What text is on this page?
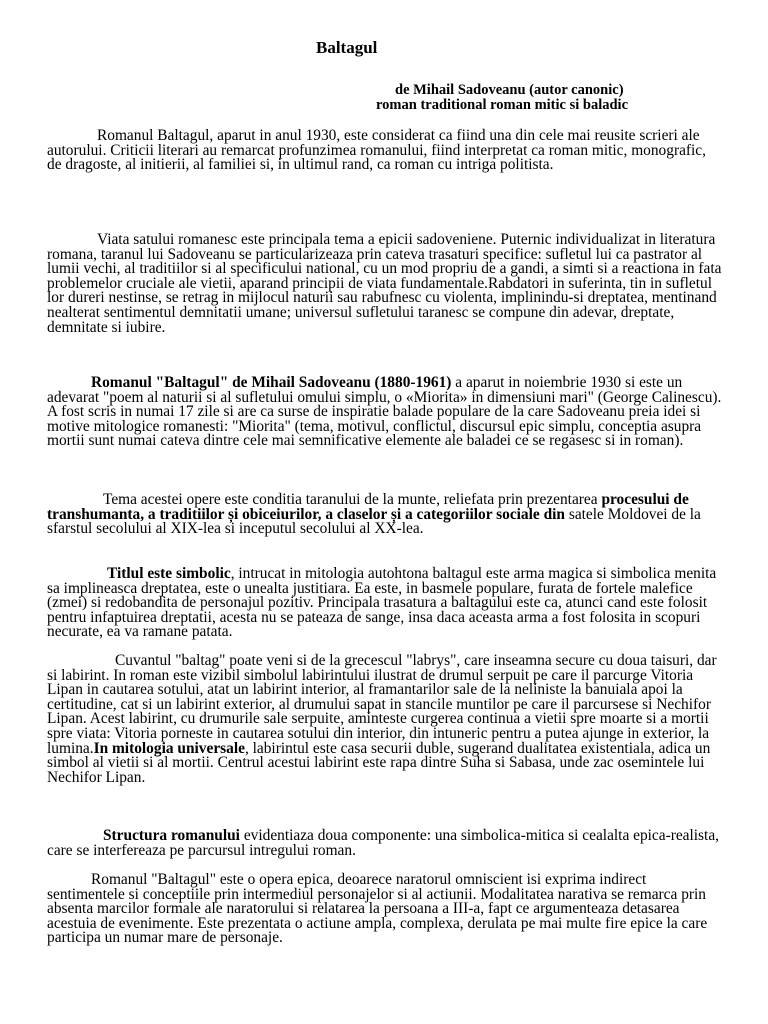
Baltagul
de Mihail Sadoveanu (autor canonic)
roman traditional roman mitic si baladic

Romanul Baltagul, aparut in anul 1930, este considerat ca fiind una din cele mai reusite scrieri ale autorului. Criticii literari au remarcat profunzimea romanului, fiind interpretat ca roman mitic, monografic, de dragoste, al initierii, al familiei si, in ultimul rand, ca roman cu intriga politista.

Viata satului romanesc este principala tema a epicii sadoveniene. Puternic individualizat in literatura romana, taranul lui Sadoveanu se particularizeaza prin cateva trasaturi specifice: sufletul lui ca pastrator al lumii vechi, al traditiilor si al specificului national, cu un mod propriu de a gandi, a simti si a reactiona in fata problemelor cruciale ale vietii, aparand principii de viata fundamentale.Rabdatori in suferinta, tin in sufletul lor dureri nestinse, se retrag in mijlocul naturii sau rabufnesc cu violenta, implinindu-si dreptatea, mentinand nealterat sentimentul demnitatii umane; universul sufletului taranesc se compune din adevar, dreptate, demnitate si iubire.

Romanul "Baltagul" de Mihail Sadoveanu (1880-1961) a aparut in noiembrie 1930 si este un adevarat "poem al naturii si al sufletului omului simplu, o «Miorita» in dimensiuni mari" (George Calinescu). A fost scris in numai 17 zile si are ca surse de inspiratie balade populare de la care Sadoveanu preia idei si motive mitologice romanesti: "Miorita" (tema, motivul, conflictul, discursul epic simplu, conceptia asupra mortii sunt numai cateva dintre cele mai semnificative elemente ale baladei ce se regasesc si in roman).

Tema acestei opere este conditia taranului de la munte, reliefata prin prezentarea procesului de transhumanta, a traditiilor și obiceiurilor, a claselor și a categoriilor sociale din satele Moldovei de la sfarstul secolului al XIX-lea si inceputul secolului al XX-lea.

Titlul este simbolic, intrucat in mitologia autohtona baltagul este arma magica si simbolica menita sa implineasca dreptatea, este o unealta justitiara. Ea este, in basmele populare, furata de fortele malefice (zmei) si redobandita de personajul pozitiv. Principala trasatura a baltagului este ca, atunci cand este folosit pentru infaptuirea dreptatii, acesta nu se pateaza de sange, insa daca aceasta arma a fost folosita in scopuri necurate, ea va ramane patata.

Cuvantul "baltag" poate veni si de la grecescul "labrys", care inseamna secure cu doua taisuri, dar si labirint. In roman este vizibil simbolul labirintului ilustrat de drumul serpuit pe care il parcurge Vitoria Lipan in cautarea sotului, atat un labirint interior, al framantarilor sale de la neliniste la banuiala apoi la certitudine, cat si un labirint exterior, al drumului sapat in stancile muntilor pe care il parcursese si Nechifor Lipan. Acest labirint, cu drumurile sale serpuite, aminteste curgerea continua a vietii spre moarte si a mortii spre viata: Vitoria porneste in cautarea sotului din interior, din intuneric pentru a putea ajunge in exterior, la lumina.In mitologia universale, labirintul este casa securii duble, sugerand dualitatea existentiala, adica un simbol al vietii si al mortii. Centrul acestui labirint este rapa dintre Suha si Sabasa, unde zac osemintele lui Nechifor Lipan.

Structura romanului evidentiaza doua componente: una simbolica-mitica si cealalta epica-realista, care se interfereaza pe parcursul intregului roman.

Romanul "Baltagul" este o opera epica, deoarece naratorul omniscient isi exprima indirect sentimentele si conceptiile prin intermediul personajelor si al actiunii. Modalitatea narativa se remarca prin absenta marcilor formale ale naratorului si relatarea la persoana a III-a, fapt ce argumenteaza detasarea acestuia de evenimente. Este prezentata o actiune ampla, complexa, derulata pe mai multe fire epice la care participa un numar mare de personaje.
